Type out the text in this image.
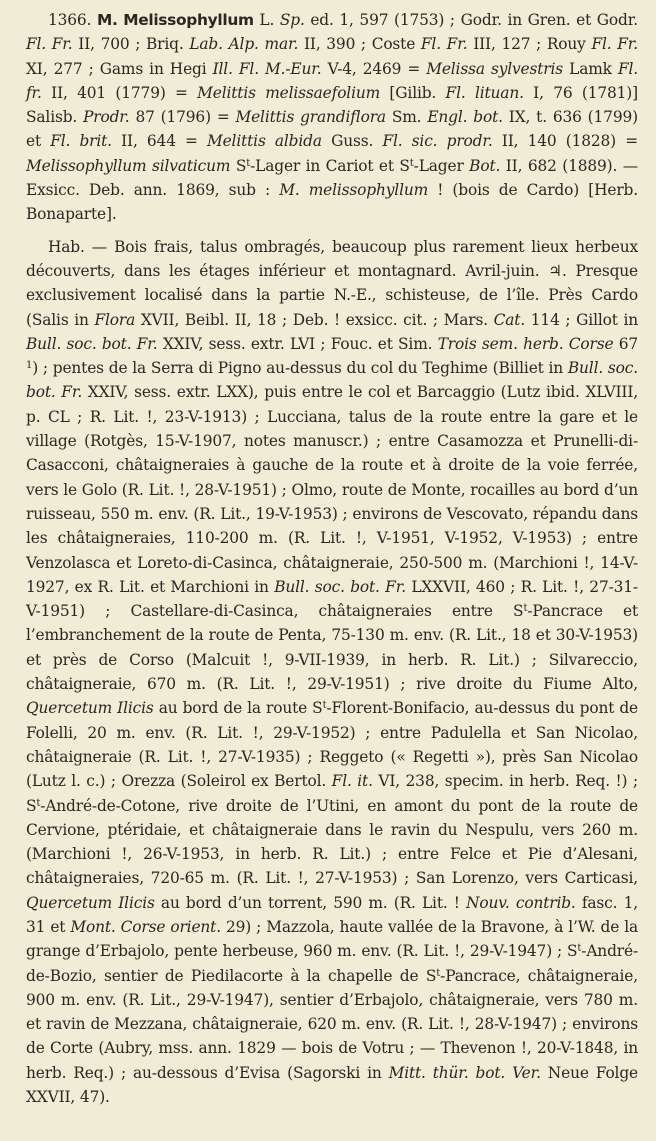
1366. M. Melissophyllum L. Sp. ed. 1, 597 (1753) ; Godr. in Gren. et Godr. Fl. Fr. II, 700 ; Briq. Lab. Alp. mar. II, 390 ; Coste Fl. Fr. III, 127 ; Rouy Fl. Fr. XI, 277 ; Gams in Hegi Ill. Fl. M.-Eur. V-4, 2469 = Melissa sylvestris Lamk Fl. fr. II, 401 (1779) = Melittis melissaefolium [Gilib. Fl. lituan. I, 76 (1781)] Salisb. Prodr. 87 (1796) = Melittis grandiflora Sm. Engl. bot. IX, t. 636 (1799) et Fl. brit. II, 644 = Melittis albida Guss. Fl. sic. prodr. II, 140 (1828) = Melissophyllum silvaticum $S^t$-Lager in Cariot et $S^t$-Lager Bot. II, 682 (1889). — Exsicc. Deb. ann. 1869, sub : M. melissophyllum ! (bois de Cardo) [Herb. Bonaparte].

Hab. — Bois frais, talus ombragés, beaucoup plus rarement lieux herbeux découverts, dans les étages inférieur et montagnard. Avril-juin. ♃. Presque exclusivement localisé dans la partie N.-E., schisteuse, de l’île. Près Cardo (Salis in Flora XVII, Beibl. II, 18 ; Deb. ! exsicc. cit. ; Mars. Cat. 114 ; Gillot in Bull. soc. bot. Fr. XXIV, sess. extr. LVI ; Fouc. et Sim. Trois sem. herb. Corse 67 $^1$) ; pentes de la Serra di Pigno au-dessus du col du Teghime (Billiet in Bull. soc. bot. Fr. XXIV, sess. extr. LXX), puis entre le col et Barcaggio (Lutz ibid. XLVIII, p. CL ; R. Lit. !, 23-V-1913) ; Lucciana, talus de la route entre la gare et le village (Rotgès, 15-V-1907, notes manuscr.) ; entre Casamozza et Prunelli-di-Casacconi, châtaigneraies à gauche de la route et à droite de la voie ferrée, vers le Golo (R. Lit. !, 28-V-1951) ; Olmo, route de Monte, rocailles au bord d’un ruisseau, 550 m. env. (R. Lit., 19-V-1953) ; environs de Vescovato, répandu dans les châtaigneraies, 110-200 m. (R. Lit. !, V-1951, V-1952, V-1953) ; entre Venzolasca et Loreto-di-Casinca, châtaigneraie, 250-500 m. (Marchioni !, 14-V-1927, ex R. Lit. et Marchioni in Bull. soc. bot. Fr. LXXVII, 460 ; R. Lit. !, 27-31-V-1951) ; Castellare-di-Casinca, châtaigneraies entre $S^t$-Pancrace et l’embranchement de la route de Penta, 75-130 m. env. (R. Lit., 18 et 30-V-1953) et près de Corso (Malcuit !, 9-VII-1939, in herb. R. Lit.) ; Silvareccio, châtaigneraie, 670 m. (R. Lit. !, 29-V-1951) ; rive droite du Fiume Alto, Quercetum Ilicis au bord de la route $S^t-Florent$-Bonifacio, au-dessus du pont de Folelli, 20 m. env. (R. Lit. !, 29-V-1952) ; entre Padulella et San Nicolao, châtaigneraie (R. Lit. !, 27-V-1935) ; Reggeto (« Regetti »), près San Nicolao (Lutz l. c.) ; Orezza (Soleirol ex Bertol. Fl. it. VI, 238, specim. in herb. Req. !) ; $S^t-André-de$-Cotone, rive droite de l’Utini, en amont du pont de la route de Cervione, ptéridaie, et châtaigneraie dans le ravin du Nespulu, vers 260 m. (Marchioni !, 26-V-1953, in herb. R. Lit.) ; entre Felce et Pie d’Alesani, châtaigneraies, 720-65 m. (R. Lit. !, 27-V-1953) ; San Lorenzo, vers Carticasi, Quercetum Ilicis au bord d’un torrent, 590 m. (R. Lit. ! Nouv. contrib. fasc. 1, 31 et Mont. Corse orient. 29) ; Mazzola, haute vallée de la Bravone, à l’W. de la grange d’Erbajolo, pente herbeuse, 960 m. env. (R. Lit. !, 29-V-1947) ; $S^t-André-de$-Bozio, sentier de Piedilacorte à la chapelle de $S^t$-Pancrace, châtaigneraie, 900 m. env. (R. Lit., 29-V-1947), sentier d’Erbajolo, châtaigneraie, vers 780 m. et ravin de Mezzana, châtaigneraie, 620 m. env. (R. Lit. !, 28-V-1947) ; environs de Corte (Aubry, mss. ann. 1829 — bois de Votru ; — Thevenon !, 20-V-1848, in herb. Req.) ; au-dessous d’Evisa (Sagorski in Mitt. thür. bot. Ver. Neue Folge XXVII, 47).
